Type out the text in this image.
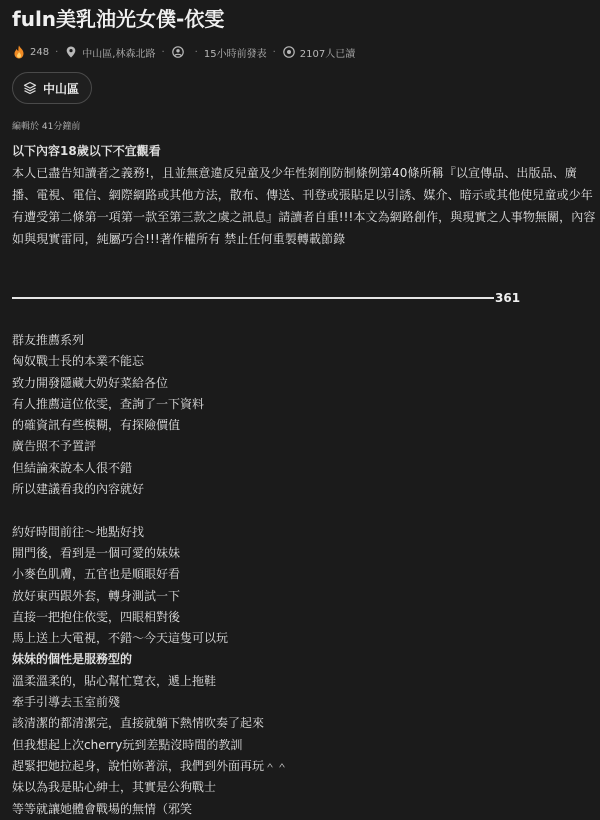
fuln美乳油光女僕-依雯
248 · 中山區,林森北路 ·	· 15小時前發表 · 2107人已讀
中山區
編輯於 41分鐘前

以下內容18歲以下不宜觀看

本人已盡告知讀者之義務!，且並無意違反兒童及少年性剝削防制條例第40條所稱『以宣傳品、出版品、廣播、電視、電信、網際網路或其他方法，散布、傳送、刊登或張貼足以引誘、媒介、暗示或其他使兒童或少年有遭受第二條第一項第一款至第三款之虞之訊息』請讀者自重!!!本文為網路創作，與現實之人事物無關，內容如與現實雷同，純屬巧合!!!著作權所有 禁止任何重製轉載節錄

361

群友推薦系列

匈奴戰士長的本業不能忘

致力開發隱藏大奶好菜給各位

有人推薦這位依雯，查詢了一下資料

的確資訊有些模糊，有探險價值

廣告照不予置評

但結論來說本人很不錯

所以建議看我的內容就好

約好時間前往～地點好找

開門後，看到是一個可愛的妹妹

小麥色肌膚，五官也是順眼好看

放好東西跟外套，轉身測試一下

直接一把抱住依雯，四眼相對後

馬上送上大電視，不錯～今天這隻可以玩

妹妹的個性是服務型的

溫柔溫柔的，貼心幫忙寬衣，遞上拖鞋

牽手引導去玉室前殘

該清潔的都清潔完，直接就躺下熱情吹奏了起來

但我想起上次cherry玩到差點沒時間的教訓

趕緊把她拉起身，說怕妳著涼，我們到外面再玩＾＾

妹以為我是貼心紳士，其實是公狗戰士

等等就讓她體會戰場的無情（邪笑
